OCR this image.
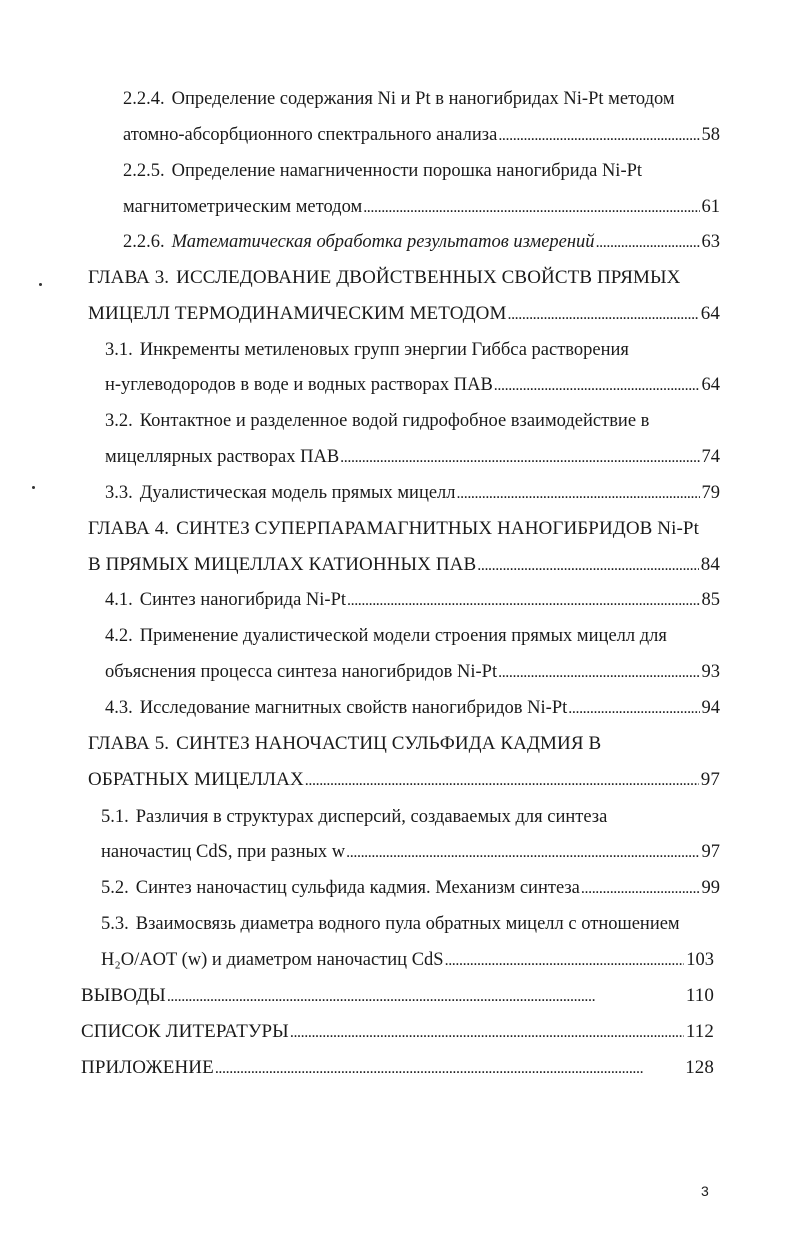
2.2.4. Определение содержания Ni и Pt в наногибридах Ni-Pt методом
атомно-абсорбционного спектрального анализа . . .	58
2.2.5. Определение намагниченности порошка наногибрида Ni-Pt
магнитометрическим методом . . .	61
2.2.6. Математическая обработка результатов измерений . . .	63
ГЛАВА 3. ИССЛЕДОВАНИЕ ДВОЙСТВЕННЫХ СВОЙСТВ ПРЯМЫХ
МИЦЕЛЛ ТЕРМОДИНАМИЧЕСКИМ МЕТОДОМ . . .	64
3.1. Инкременты метиленовых групп энергии Гиббса растворения
н-углеводородов в воде и водных растворах ПАВ . . .	64
3.2. Контактное и разделенное водой гидрофобное взаимодействие в
мицеллярных растворах ПАВ . . .	74
3.3. Дуалистическая модель прямых мицелл . . .	79
ГЛАВА 4. СИНТЕЗ СУПЕРПАРАМАГНИТНЫХ НАНОГИБРИДОВ Ni-Pt
В ПРЯМЫХ МИЦЕЛЛАХ КАТИОННЫХ ПАВ . . .	84
4.1. Синтез наногибрида Ni-Pt . . .	85
4.2. Применение дуалистической модели строения прямых мицелл для
объяснения процесса синтеза наногибридов Ni-Pt . . .	93
4.3. Исследование магнитных свойств наногибридов Ni-Pt . . .	94
ГЛАВА 5. СИНТЕЗ НАНОЧАСТИЦ СУЛЬФИДА КАДМИЯ В
ОБРАТНЫХ МИЦЕЛЛАХ . . .	97
5.1. Различия в структурах дисперсий, создаваемых для синтеза
наночастиц CdS, при разных w . . .	97
5.2. Синтез наночастиц сульфида кадмия. Механизм синтеза . . .	99
5.3. Взаимосвязь диаметра водного пула обратных мицелл с отношением
H₂O/AOT (w) и диаметром наночастиц CdS . . .	103
ВЫВОДЫ . . .	110
СПИСОК ЛИТЕРАТУРЫ . . .	112
ПРИЛОЖЕНИЕ . . .	128
3
